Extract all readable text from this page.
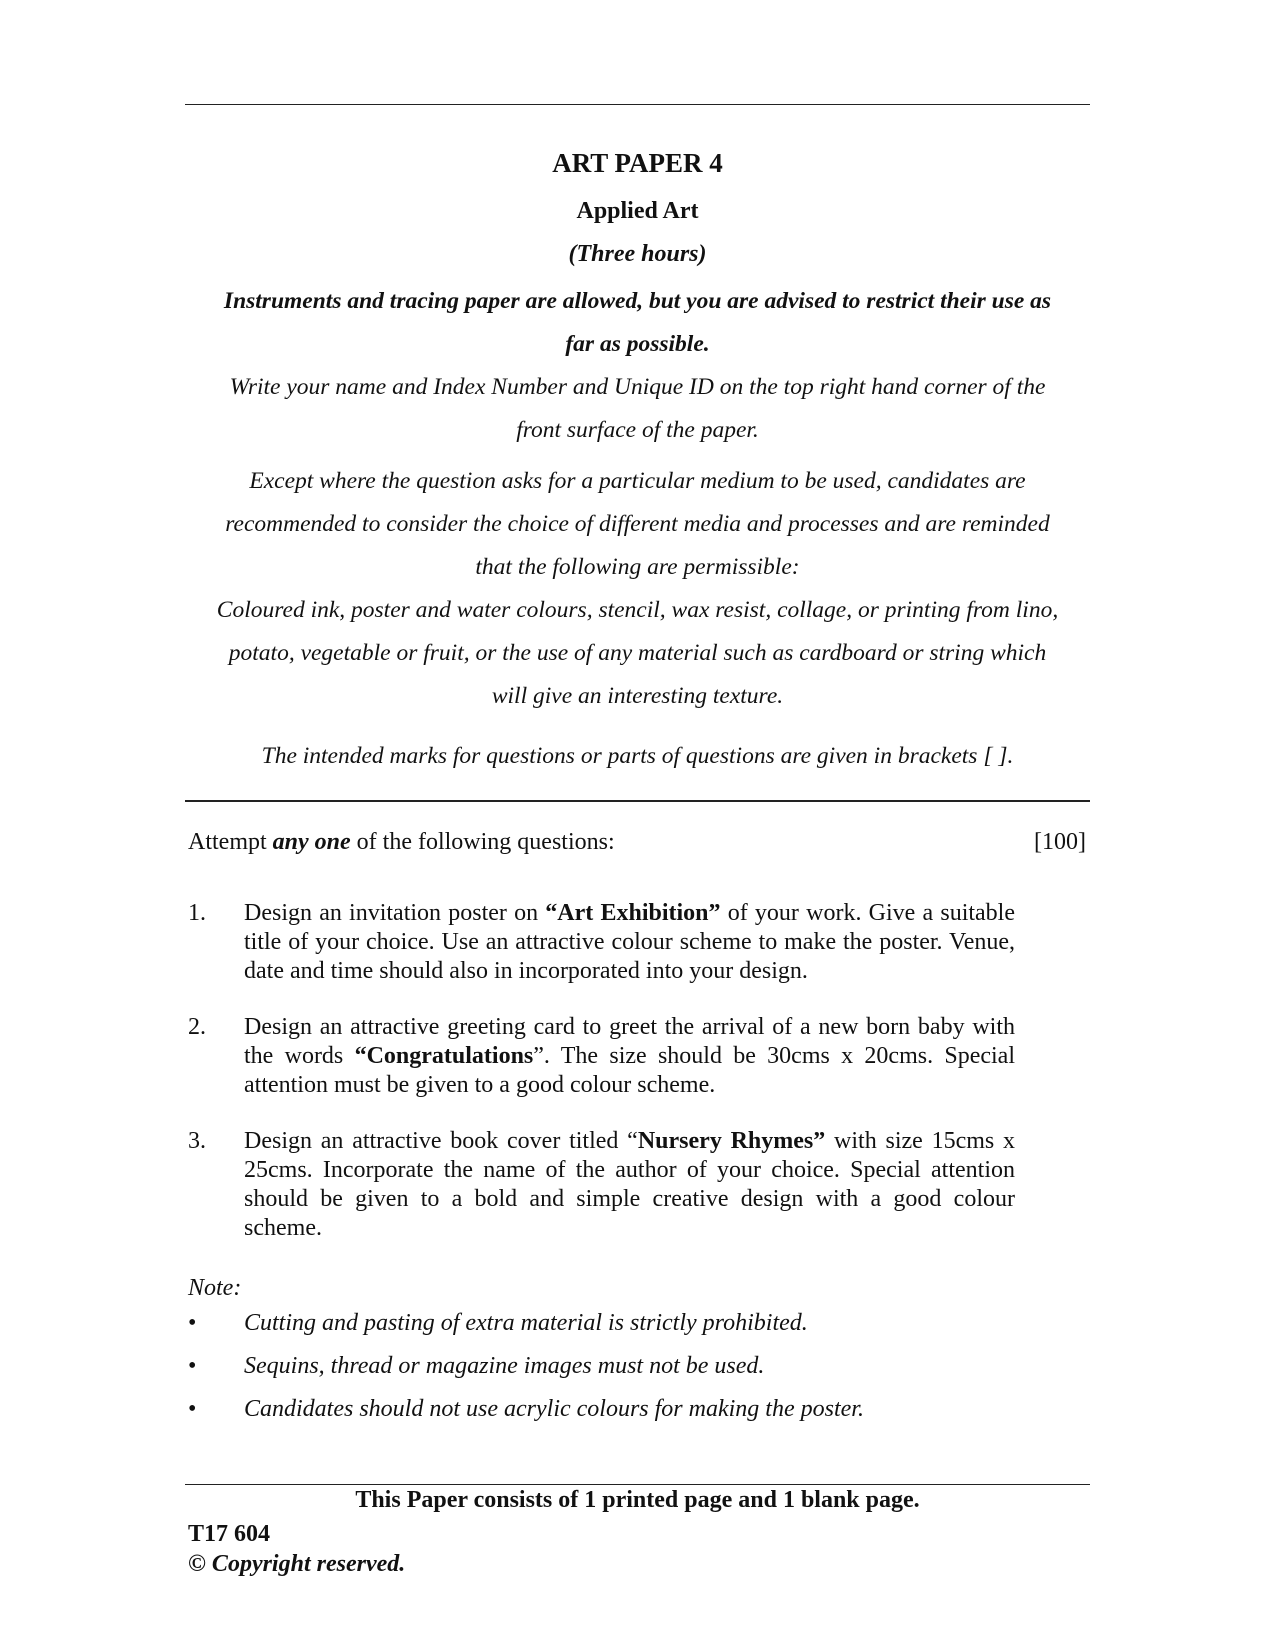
ART PAPER 4
Applied Art
(Three hours)
Instruments and tracing paper are allowed, but you are advised to restrict their use as
far as possible.
Write your name and Index Number and Unique ID on the top right hand corner of the
front surface of the paper.
Except where the question asks for a particular medium to be used, candidates are
recommended to consider the choice of different media and processes and are reminded
that the following are permissible:
Coloured ink, poster and water colours, stencil, wax resist, collage, or printing from lino,
potato, vegetable or fruit, or the use of any material such as cardboard or string which
will give an interesting texture.
The intended marks for questions or parts of questions are given in brackets [ ].
Attempt any one of the following questions:	[100]
1.	Design an invitation poster on “Art Exhibition” of your work. Give a suitable title of your choice. Use an attractive colour scheme to make the poster. Venue, date and time should also in incorporated into your design.
2.	Design an attractive greeting card to greet the arrival of a new born baby with the words “Congratulations”. The size should be 30cms x 20cms. Special attention must be given to a good colour scheme.
3.	Design an attractive book cover titled “Nursery Rhymes” with size 15cms x 25cms. Incorporate the name of the author of your choice. Special attention should be given to a bold and simple creative design with a good colour scheme.
Note:
•	Cutting and pasting of extra material is strictly prohibited.
•	Sequins, thread or magazine images must not be used.
•	Candidates should not use acrylic colours for making the poster.
This Paper consists of 1 printed page and 1 blank page.
T17 604
© Copyright reserved.
